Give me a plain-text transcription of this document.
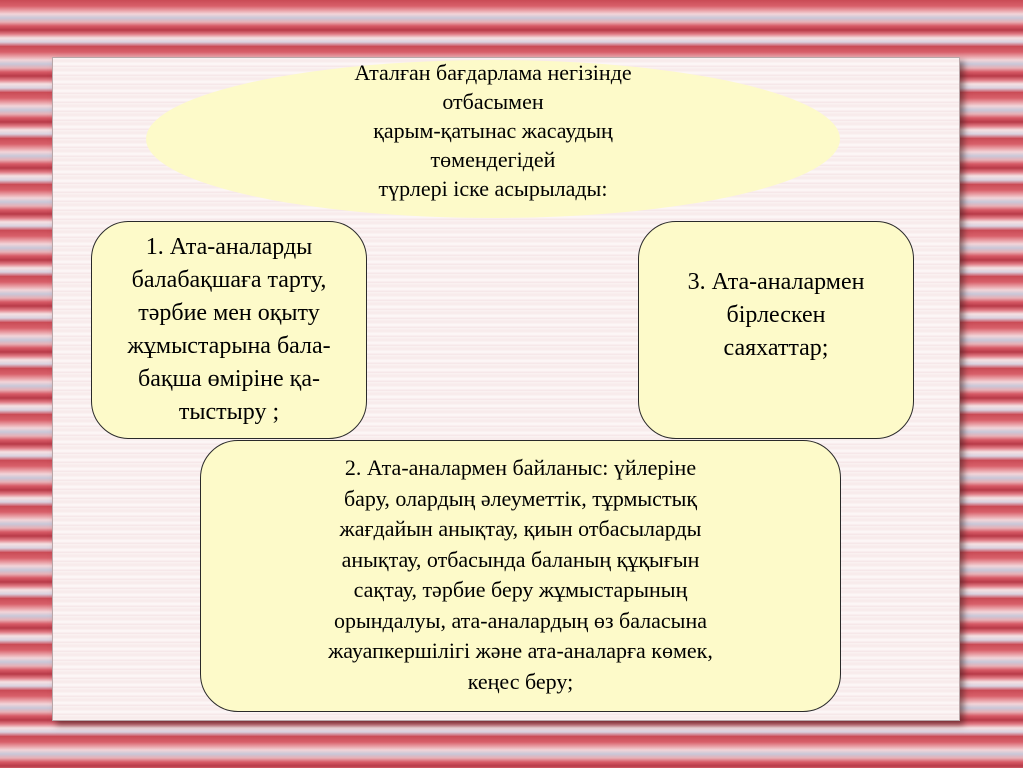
Аталған бағдарлама негізінде
отбасымен
қарым-қатынас жасаудың
төмендегідей
түрлері іске асырылады:
1. Ата-аналарды
балабақшаға тарту,
тәрбие мен оқыту
жұмыстарына бала-
бақша өміріне қа-
тыстыру ;
3. Ата-аналармен
бірлескен
саяхаттар;
2. Ата-аналармен байланыс: үйлеріне
бару, олардың әлеуметтік, тұрмыстық
жағдайын анықтау, қиын отбасыларды
анықтау, отбасында баланың құқығын
сақтау, тәрбие беру жұмыстарының
орындалуы, ата-аналардың өз баласына
жауапкершілігі және ата-аналарға көмек,
кеңес беру;
